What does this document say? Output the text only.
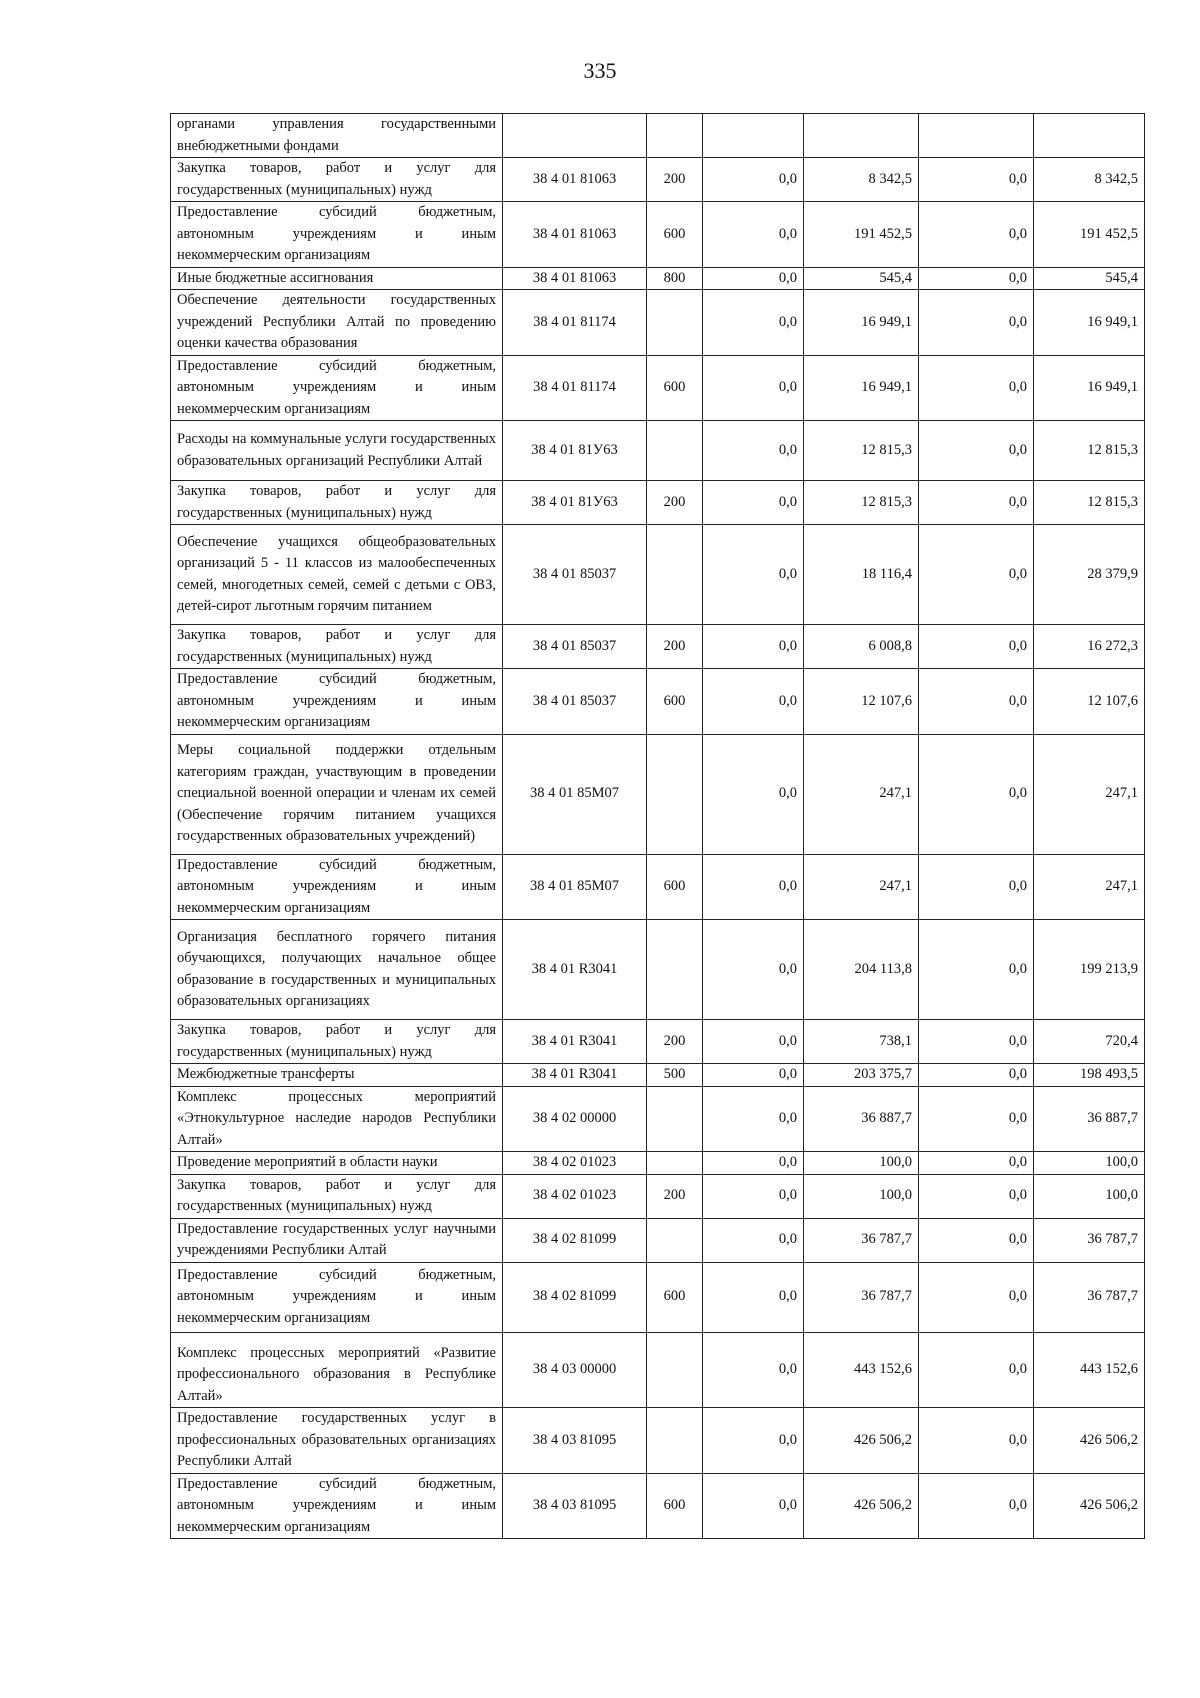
335
органами управления государственными внебюджетными фондами						
Закупка товаров, работ и услуг для государственных (муниципальных) нужд	38 4 01 81063	200	0,0	8 342,5	0,0	8 342,5
Предоставление субсидий бюджетным, автономным учреждениям и иным некоммерческим организациям	38 4 01 81063	600	0,0	191 452,5	0,0	191 452,5
Иные бюджетные ассигнования	38 4 01 81063	800	0,0	545,4	0,0	545,4
Обеспечение деятельности государственных учреждений Республики Алтай по проведению оценки качества образования	38 4 01 81174		0,0	16 949,1	0,0	16 949,1
Предоставление субсидий бюджетным, автономным учреждениям и иным некоммерческим организациям	38 4 01 81174	600	0,0	16 949,1	0,0	16 949,1
Расходы на коммунальные услуги государственных образовательных организаций Республики Алтай	38 4 01 81У63		0,0	12 815,3	0,0	12 815,3
Закупка товаров, работ и услуг для государственных (муниципальных) нужд	38 4 01 81У63	200	0,0	12 815,3	0,0	12 815,3
Обеспечение учащихся общеобразовательных организаций 5 - 11 классов из малообеспеченных семей, многодетных семей, семей с детьми с ОВЗ, детей-сирот льготным горячим питанием	38 4 01 85037		0,0	18 116,4	0,0	28 379,9
Закупка товаров, работ и услуг для государственных (муниципальных) нужд	38 4 01 85037	200	0,0	6 008,8	0,0	16 272,3
Предоставление субсидий бюджетным, автономным учреждениям и иным некоммерческим организациям	38 4 01 85037	600	0,0	12 107,6	0,0	12 107,6
Меры социальной поддержки отдельным категориям граждан, участвующим в проведении специальной военной операции и членам их семей (Обеспечение горячим питанием учащихся государственных образовательных учреждений)	38 4 01 85М07		0,0	247,1	0,0	247,1
Предоставление субсидий бюджетным, автономным учреждениям и иным некоммерческим организациям	38 4 01 85М07	600	0,0	247,1	0,0	247,1
Организация бесплатного горячего питания обучающихся, получающих начальное общее образование в государственных и муниципальных образовательных организациях	38 4 01 R3041		0,0	204 113,8	0,0	199 213,9
Закупка товаров, работ и услуг для государственных (муниципальных) нужд	38 4 01 R3041	200	0,0	738,1	0,0	720,4
Межбюджетные трансферты	38 4 01 R3041	500	0,0	203 375,7	0,0	198 493,5
Комплекс процессных мероприятий «Этнокультурное наследие народов Республики Алтай»	38 4 02 00000		0,0	36 887,7	0,0	36 887,7
Проведение мероприятий в области науки	38 4 02 01023		0,0	100,0	0,0	100,0
Закупка товаров, работ и услуг для государственных (муниципальных) нужд	38 4 02 01023	200	0,0	100,0	0,0	100,0
Предоставление государственных услуг научными учреждениями Республики Алтай	38 4 02 81099		0,0	36 787,7	0,0	36 787,7
Предоставление субсидий бюджетным, автономным учреждениям и иным некоммерческим организациям	38 4 02 81099	600	0,0	36 787,7	0,0	36 787,7
Комплекс процессных мероприятий «Развитие профессионального образования в Республике Алтай»	38 4 03 00000		0,0	443 152,6	0,0	443 152,6
Предоставление государственных услуг в профессиональных образовательных организациях Республики Алтай	38 4 03 81095		0,0	426 506,2	0,0	426 506,2
Предоставление субсидий бюджетным, автономным учреждениям и иным некоммерческим организациям	38 4 03 81095	600	0,0	426 506,2	0,0	426 506,2
